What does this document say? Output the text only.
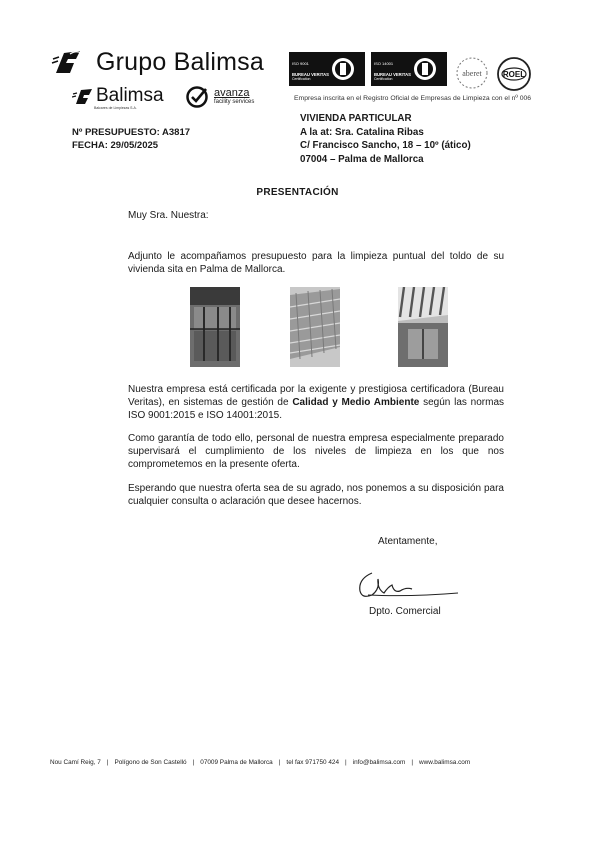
Grupo Balimsa
Balimsa
Balcares de Limpiezas S.A.
avanza
facility services
ISO 9001
BUREAU VERITAS
Certification
ISO 14001
BUREAU VERITAS
Certification
aberet	ROEL
Empresa inscrita en el Registro Oficial de Empresas de Limpieza con el nº 006
Nº PRESUPUESTO: A3817
FECHA: 29/05/2025
VIVIENDA PARTICULAR
A la at: Sra. Catalina Ribas
C/ Francisco Sancho, 18 – 10º (ático)
07004 – Palma de Mallorca
PRESENTACIÓN
Muy Sra. Nuestra:
Adjunto le acompañamos presupuesto para la limpieza puntual del toldo de su vivienda sita en Palma de Mallorca.
Nuestra empresa está certificada por la exigente y prestigiosa certificadora (Bureau Veritas), en sistemas de gestión de Calidad y Medio Ambiente según las normas ISO 9001:2015 e ISO 14001:2015.
Como garantía de todo ello, personal de nuestra empresa especialmente preparado supervisará el cumplimiento de los niveles de limpieza en los que nos comprometemos en la presente oferta.
Esperando que nuestra oferta sea de su agrado, nos ponemos a su disposición para cualquier consulta o aclaración que desee hacernos.
Atentamente,
Dpto. Comercial
Nou Camí Reig, 7 | Polígono de Son Castelló | 07009 Palma de Mallorca | tel fax 971750 424 | info@balimsa.com | www.balimsa.com
